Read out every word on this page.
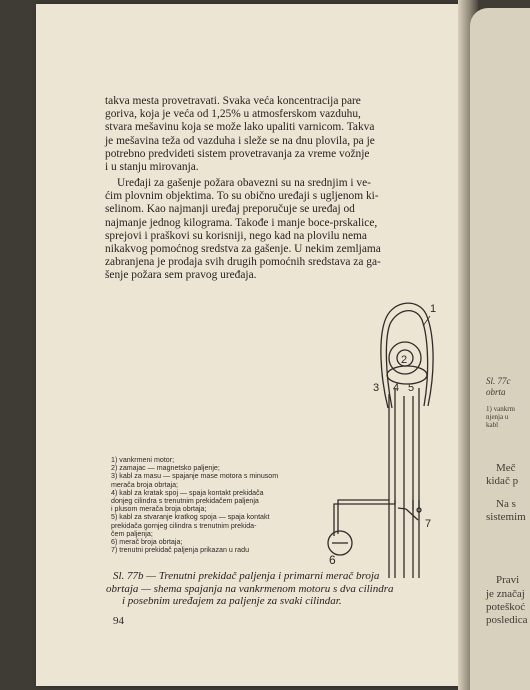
takva mesta provetravati. Svaka veća koncentracija pare
goriva, koja je veća od 1,25% u atmosferskom vazduhu,
stvara mešavinu koja se može lako upaliti varnicom. Takva
je mešavina teža od vazduha i sleže se na dnu plovila, pa je
potrebno predvideti sistem provetravanja za vreme vožnje
i u stanju mirovanja.
Uređaji za gašenje požara obavezni su na srednjim i ve-
ćim plovnim objektima. To su obično uređaji s ugljenom ki-
selinom. Kao najmanji uređaj preporučuje se uređaj od
najmanje jednog kilograma. Takođe i manje boce-prskalice,
sprejovi i praškovi su korisniji, nego kad na plovilu nema
nikakvog pomoćnog sredstva za gašenje. U nekim zemljama
zabranjena je prodaja svih drugih pomoćnih sredstava za ga-
šenje požara sem pravog uređaja.
1) vankrmeni motor;
2) zamajac — magnetsko paljenje;
3) kabl za masu — spajanje mase motora s minusom
merača broja obrtaja;
4) kabl za kratak spoj — spaja kontakt prekidača
donjeg cilindra s trenutnim prekidačem paljenja
i plusom merača broja obrtaja;
5) kabl za stvaranje kratkog spoja — spaja kontakt
prekidača gornjeg cilindra s trenutnim prekida-
čem paljenja;
6) merač broja obrtaja;
7) trenutni prekidač paljenja prikazan u radu
Sl. 77b — Trenutni prekidač paljenja i primarni merač broja
obrtaja — shema spajanja na vankrmenom motoru s dva cilindra
i posebnim uređajem za paljenje za svaki cilindar.
94
1
2
3 4 5
6
7
Sl. 77c
obrta
1) vankrm
njenja u
kabl
Meč
kidač p
Na s
sistemim
Pravi
je značaj
poteškoć
posledica
